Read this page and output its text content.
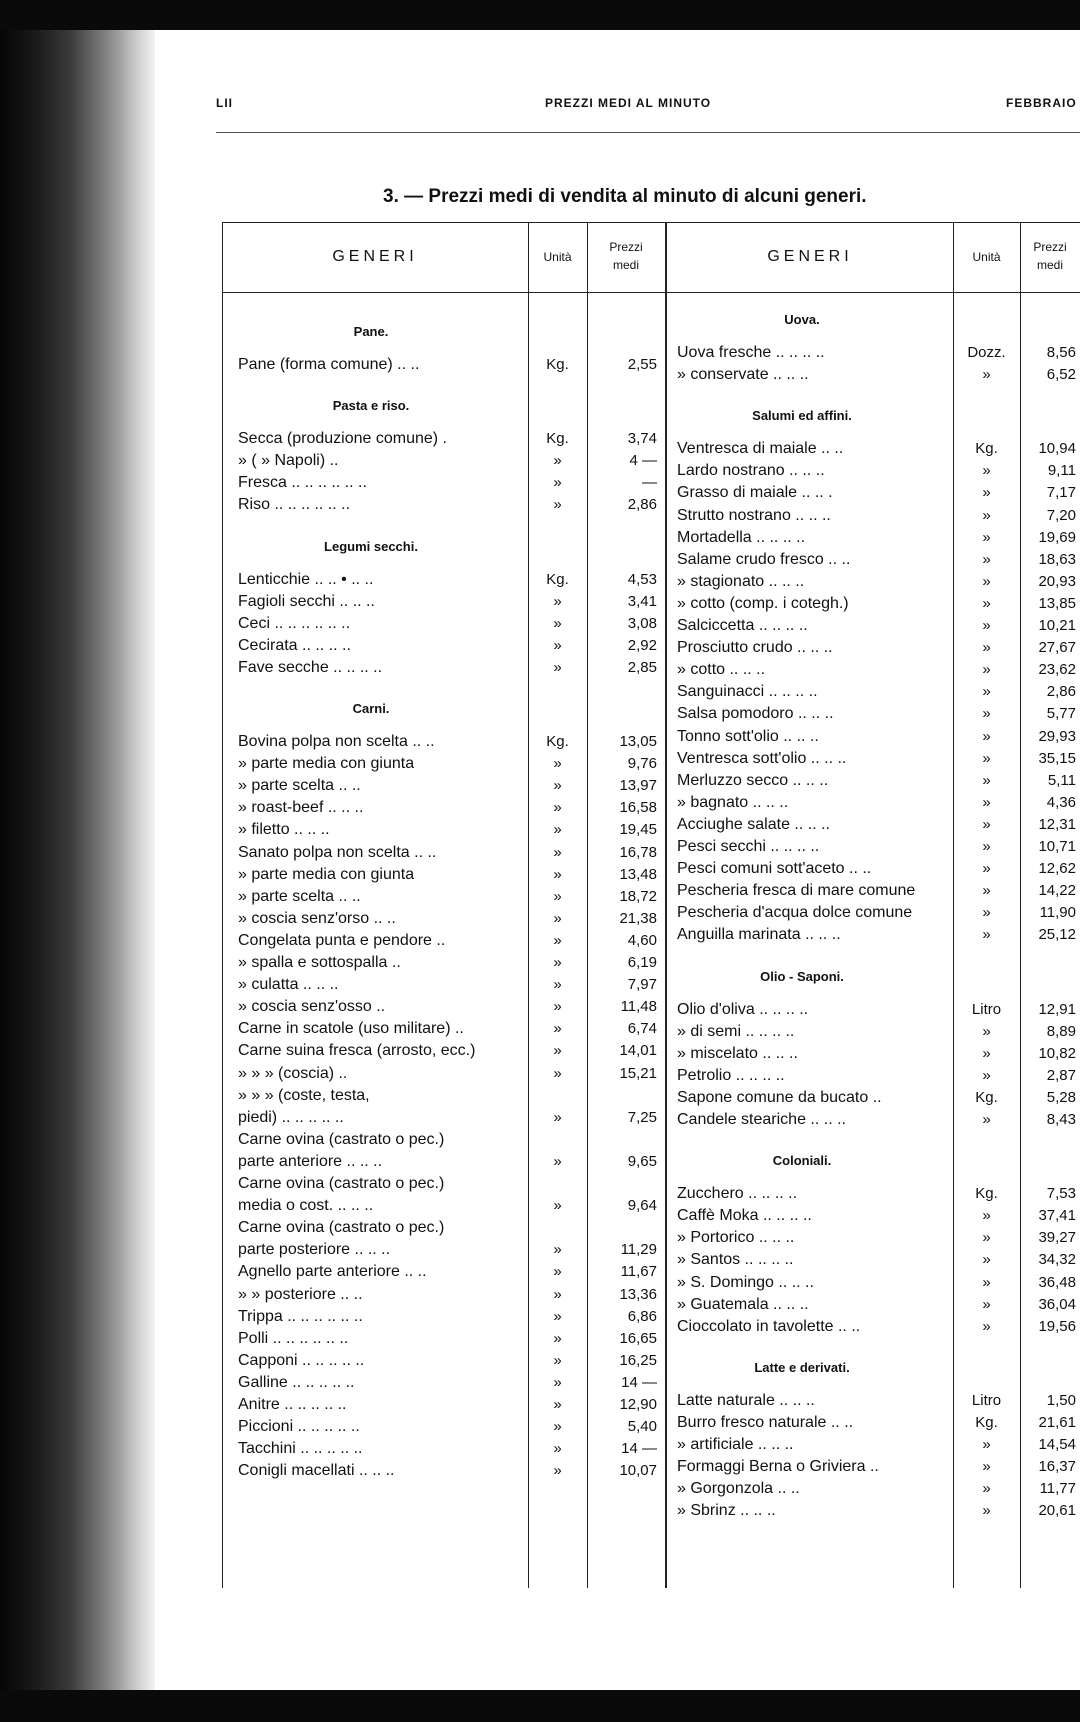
LII	PREZZI MEDI AL MINUTO	FEBBRAIO
3. — Prezzi medi di vendita al minuto di alcuni generi.
GENERI	Unità
Prezzi
medi	GENERI	Unità
Prezzi
medi
Pane.
Pane (forma comune) .. ..	Kg.	2,55
Pasta e riso.
Secca (produzione comune) .	Kg.	3,74
» ( » Napoli) ..	»	4 —
Fresca .. .. .. .. .. ..	»	—
Riso .. .. .. .. .. ..	»	2,86
Legumi secchi.
Lenticchie .. .. • .. ..	Kg.	4,53
Fagioli secchi .. .. ..	»	3,41
Ceci .. .. .. .. .. ..	»	3,08
Cecirata .. .. .. ..	»	2,92
Fave secche .. .. .. ..	»	2,85
Carni.
Bovina polpa non scelta .. ..	Kg.	13,05
» parte media con giunta	»	9,76
» parte scelta .. ..	»	13,97
» roast-beef .. .. ..	»	16,58
» filetto .. .. ..	»	19,45
Sanato polpa non scelta .. ..	»	16,78
» parte media con giunta	»	13,48
» parte scelta .. ..	»	18,72
» coscia senz'orso .. ..	»	21,38
Congelata punta e pendore ..	»	4,60
» spalla e sottospalla ..	»	6,19
» culatta .. .. ..	»	7,97
» coscia senz'osso ..	»	11,48
Carne in scatole (uso militare) ..	»	6,74
Carne suina fresca (arrosto, ecc.)	»	14,01
» » » (coscia) ..	»	15,21
» » » (coste, testa,
piedi) .. .. .. .. ..	»	7,25
Carne ovina (castrato o pec.)
parte anteriore .. .. ..	»	9,65
Carne ovina (castrato o pec.)
media o cost. .. .. ..	»	9,64
Carne ovina (castrato o pec.)
parte posteriore .. .. ..	»	11,29
Agnello parte anteriore .. ..	»	11,67
» » posteriore .. ..	»	13,36
Trippa .. .. .. .. .. ..	»	6,86
Polli .. .. .. .. .. ..	»	16,65
Capponi .. .. .. .. ..	»	16,25
Galline .. .. .. .. ..	»	14 —
Anitre .. .. .. .. ..	»	12,90
Piccioni .. .. .. .. ..	»	5,40
Tacchini .. .. .. .. ..	»	14 —
Conigli macellati .. .. ..	»	10,07
Uova.
Uova fresche .. .. .. ..	Dozz.	8,56
» conservate .. .. ..	»	6,52
Salumi ed affini.
Ventresca di maiale .. ..	Kg.	10,94
Lardo nostrano .. .. ..	»	9,11
Grasso di maiale .. .. .	»	7,17
Strutto nostrano .. .. ..	»	7,20
Mortadella .. .. .. ..	»	19,69
Salame crudo fresco .. ..	»	18,63
» stagionato .. .. ..	»	20,93
» cotto (comp. i cotegh.)	»	13,85
Salciccetta .. .. .. ..	»	10,21
Prosciutto crudo .. .. ..	»	27,67
» cotto .. .. ..	»	23,62
Sanguinacci .. .. .. ..	»	2,86
Salsa pomodoro .. .. ..	»	5,77
Tonno sott'olio .. .. ..	»	29,93
Ventresca sott'olio .. .. ..	»	35,15
Merluzzo secco .. .. ..	»	5,11
» bagnato .. .. ..	»	4,36
Acciughe salate .. .. ..	»	12,31
Pesci secchi .. .. .. ..	»	10,71
Pesci comuni sott'aceto .. ..	»	12,62
Pescheria fresca di mare comune	»	14,22
Pescheria d'acqua dolce comune	»	11,90
Anguilla marinata .. .. ..	»	25,12
Olio - Saponi.
Olio d'oliva .. .. .. ..	Litro	12,91
» di semi .. .. .. ..	»	8,89
» miscelato .. .. ..	»	10,82
Petrolio .. .. .. ..	»	2,87
Sapone comune da bucato ..	Kg.	5,28
Candele steariche .. .. ..	»	8,43
Coloniali.
Zucchero .. .. .. ..	Kg.	7,53
Caffè Moka .. .. .. ..	»	37,41
» Portorico .. .. ..	»	39,27
» Santos .. .. .. ..	»	34,32
» S. Domingo .. .. ..	»	36,48
» Guatemala .. .. ..	»	36,04
Cioccolato in tavolette .. ..	»	19,56
Latte e derivati.
Latte naturale .. .. ..	Litro	1,50
Burro fresco naturale .. ..	Kg.	21,61
» artificiale .. .. ..	»	14,54
Formaggi Berna o Griviera ..	»	16,37
» Gorgonzola .. ..	»	11,77
» Sbrinz .. .. ..	»	20,61
